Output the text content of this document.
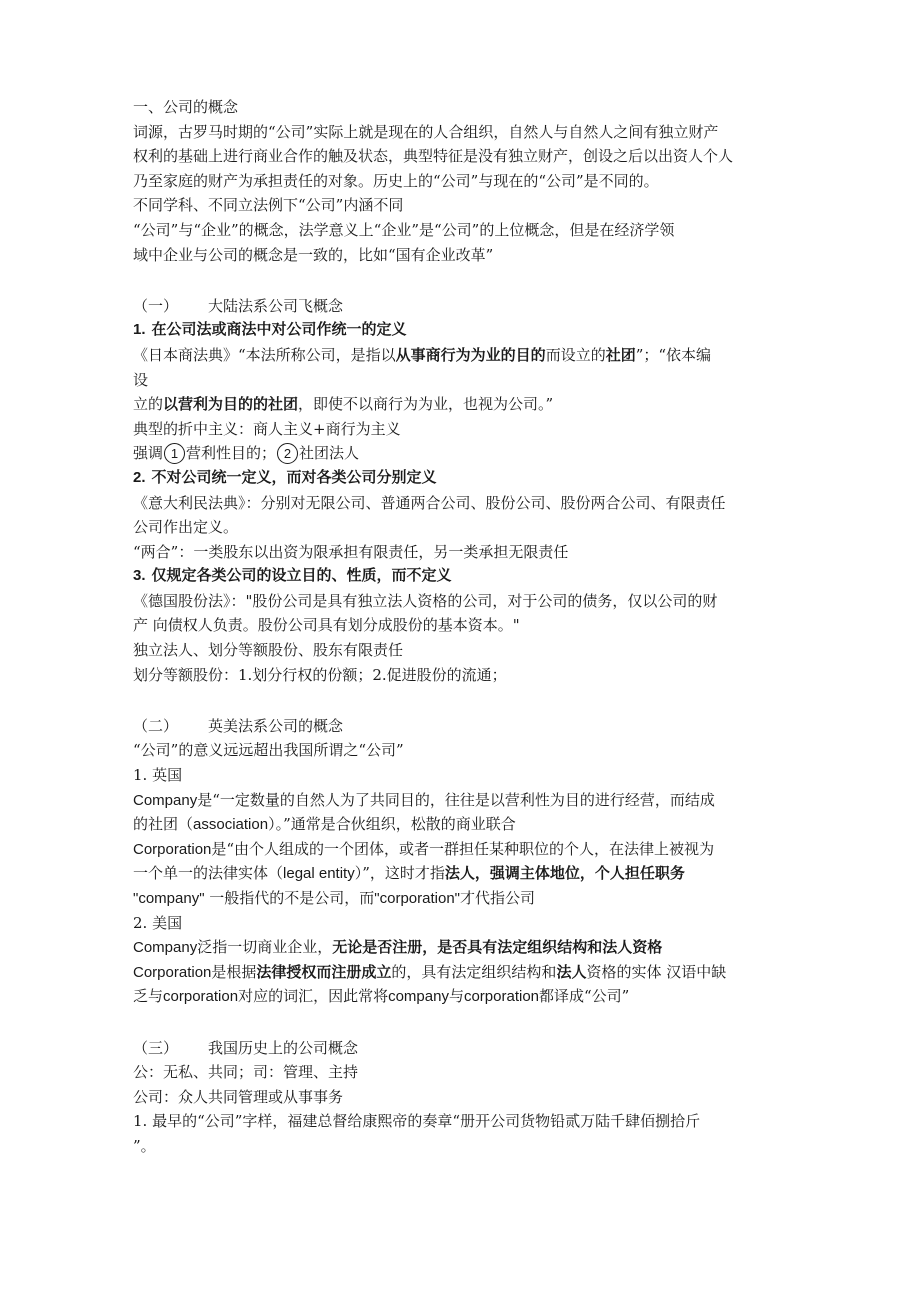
一、公司的概念
词源，古罗马时期的“公司”实际上就是现在的人合组织，自然人与自然人之间有独立财产
权利的基础上进行商业合作的触及状态，典型特征是没有独立财产，创设之后以出资人个人
乃至家庭的财产为承担责任的对象。历史上的“公司”与现在的“公司”是不同的。
不同学科、不同立法例下“公司”内涵不同
“公司”与“企业”的概念，法学意义上“企业”是“公司”的上位概念，但是在经济学领
域中企业与公司的概念是一致的，比如“国有企业改革”
（一） 大陆法系公司飞概念
1. 在公司法或商法中对公司作统一的定义
《日本商法典》“本法所称公司，是指以从事商行为为业的目的而设立的社团”；“依本编
设
立的以营利为目的的社团，即使不以商行为为业，也视为公司。”
典型的折中主义：商人主义+商行为主义
强调 1 营利性目的； 2 社团法人
2. 不对公司统一定义，而对各类公司分别定义
《意大利民法典》：分别对无限公司、普通两合公司、股份公司、股份两合公司、有限责任
公司作出定义。
“两合”：一类股东以出资为限承担有限责任，另一类承担无限责任
3. 仅规定各类公司的设立目的、性质，而不定义
《德国股份法》："股份公司是具有独立法人资格的公司，对于公司的债务，仅以公司的财
产 向债权人负责。股份公司具有划分成股份的基本资本。"
独立法人、划分等额股份、股东有限责任
划分等额股份：1.划分行权的份额；2.促进股份的流通；
（二） 英美法系公司的概念
“公司”的意义远远超出我国所谓之“公司”
1. 英国
Company是“一定数量的自然人为了共同目的，往往是以营利性为目的进行经营，而结成
的社团（association）。”通常是合伙组织，松散的商业联合
Corporation是“由个人组成的一个团体，或者一群担任某种职位的个人，在法律上被视为
一个单一的法律实体（legal entity）”，这时才指法人，强调主体地位，个人担任职务
"company" 一般指代的不是公司，而"corporation"才代指公司
2. 美国
Company泛指一切商业企业，无论是否注册，是否具有法定组织结构和法人资格
Corporation是根据法律授权而注册成立的，具有法定组织结构和法人资格的实体 汉语中缺
乏与corporation对应的词汇，因此常将company与corporation都译成“公司”
（三） 我国历史上的公司概念
公：无私、共同；司：管理、主持
公司：众人共同管理或从事事务
1. 最早的“公司”字样，福建总督给康熙帝的奏章“册开公司货物铅贰万陆千肆佰捌拾斤
”。
